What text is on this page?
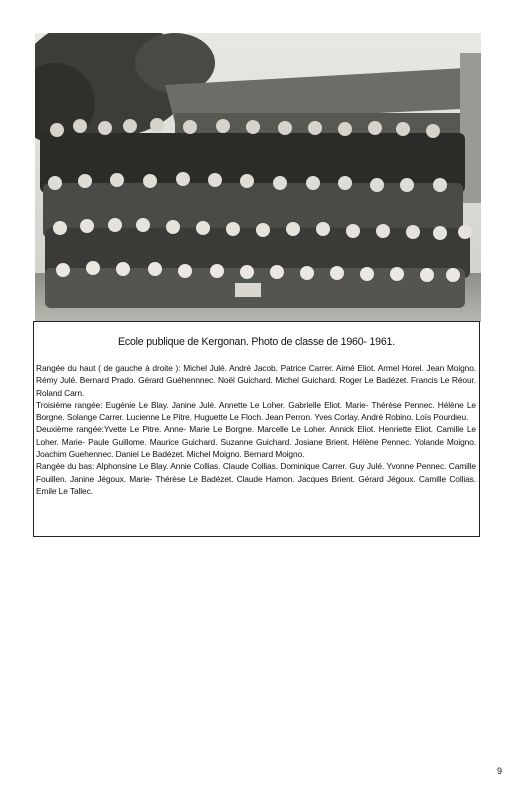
Ecole publique de Kergonan. Photo de classe de 1960- 1961.

Rangée du haut ( de gauche à droite ): Michel Julé. André Jacob. Patrice Carrer. Aimé Eliot. Armel Horel. Jean Moigno. Rémy Julé. Bernard Prado. Gérard Guéhennnec. Noël Guichard. Michel Guichard. Roger Le Badézet. Francis Le Réour. Roland Carn.

Troisième rangée: Eugénie Le Blay. Janine Julé. Annette Le Loher. Gabrielle Eliot. Marie- Thérèse Pennec. Hélène Le Borgne. Solange Carrer. Lucienne Le Pitre. Huguette Le Floch. Jean Perron. Yves Corlay. André Robino. Loïs Pourdieu.

Deuxième rangée:Yvette Le Pitre. Anne- Marie Le Borgne. Marcelle Le Loher. Annick Eliot. Henriette Eliot. Camille Le Loher. Marie- Paule Guillome. Maurice Guichard. Suzanne Guichard. Josiane Brient. Hélène Pennec. Yolande Moigno. Joachim Guehennec. Daniel Le Badézet. Michel Moigno. Bernard Moigno.

Rangée du bas: Alphonsine Le Blay. Annie Collias. Claude Collias. Dominique Carrer. Guy Julé. Yvonne Pennec. Camille Fouillen. Janine Jégoux. Marie- Thérèse Le Badézet. Claude Hamon. Jacques Brient. Gérard Jégoux. Camille Collias. Emile Le Tallec.

9
